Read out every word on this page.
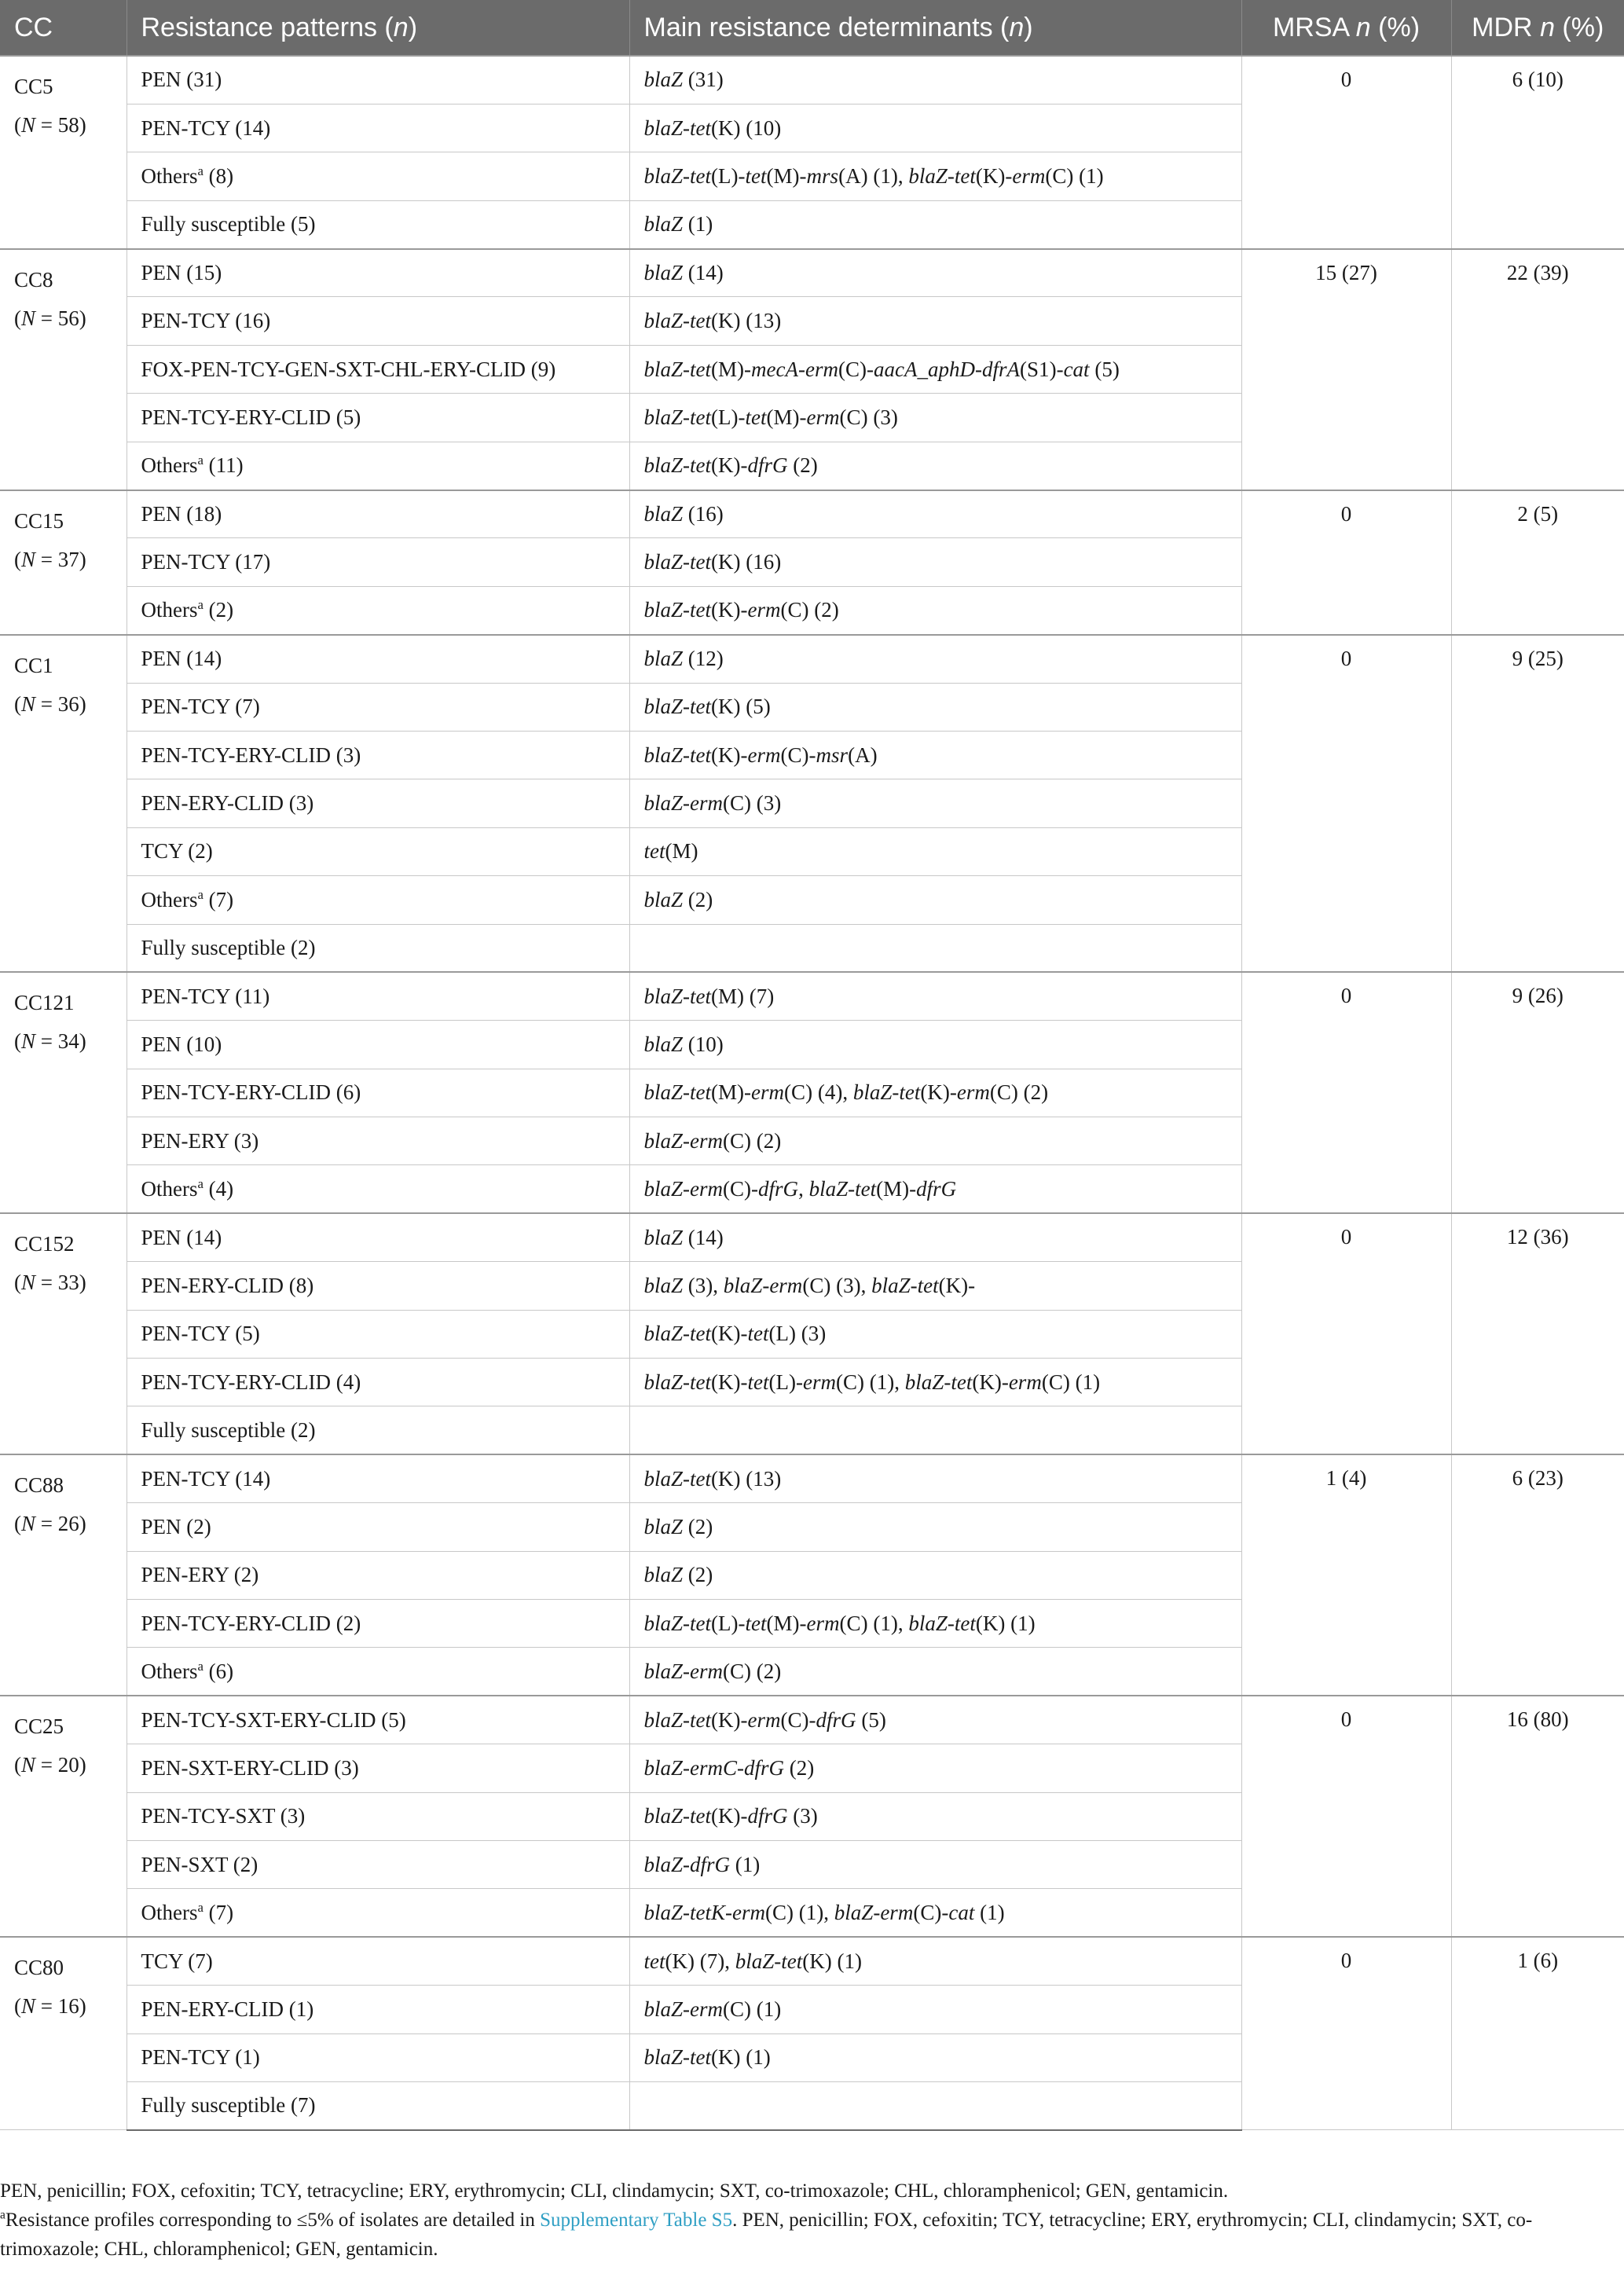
CC	Resistance patterns (n)	Main resistance determinants (n)	MRSA n (%)	MDR n (%)

CC5
(N = 58)	PEN (31)	blaZ (31)	0	6 (10)
	PEN-TCY (14)	blaZ-tet(K) (10)		
	Others$^a$ (8)	blaZ-tet(L)-tet(M)-mrs(A) (1), blaZ-tet(K)-erm(C) (1)		
	Fully susceptible (5)	blaZ (1)		

CC8
(N = 56)	PEN (15)	blaZ (14)	15 (27)	22 (39)
	PEN-TCY (16)	blaZ-tet(K) (13)		
	FOX-PEN-TCY-GEN-SXT-CHL-ERY-CLID (9)	blaZ-tet(M)-mecA-erm(C)-aacA_aphD-dfrA(S1)-cat (5)		
	PEN-TCY-ERY-CLID (5)	blaZ-tet(L)-tet(M)-erm(C) (3)		
	Others$^a$ (11)	blaZ-tet(K)-dfrG (2)		

CC15
(N = 37)	PEN (18)	blaZ (16)	0	2 (5)
	PEN-TCY (17)	blaZ-tet(K) (16)		
	Others$^a$ (2)	blaZ-tet(K)-erm(C) (2)		

CC1
(N = 36)	PEN (14)	blaZ (12)	0	9 (25)
	PEN-TCY (7)	blaZ-tet(K) (5)		
	PEN-TCY-ERY-CLID (3)	blaZ-tet(K)-erm(C)-msr(A)		
	PEN-ERY-CLID (3)	blaZ-erm(C) (3)		
	TCY (2)	tet(M)		
	Others$^a$ (7)	blaZ (2)		
	Fully susceptible (2)			

CC121
(N = 34)	PEN-TCY (11)	blaZ-tet(M) (7)	0	9 (26)
	PEN (10)	blaZ (10)		
	PEN-TCY-ERY-CLID (6)	blaZ-tet(M)-erm(C) (4), blaZ-tet(K)-erm(C) (2)		
	PEN-ERY (3)	blaZ-erm(C) (2)		
	Others$^a$ (4)	blaZ-erm(C)-dfrG, blaZ-tet(M)-dfrG		

CC152
(N = 33)	PEN (14)	blaZ (14)	0	12 (36)
	PEN-ERY-CLID (8)	blaZ (3), blaZ-erm(C) (3), blaZ-tet(K)-		
	PEN-TCY (5)	blaZ-tet(K)-tet(L) (3)		
	PEN-TCY-ERY-CLID (4)	blaZ-tet(K)-tet(L)-erm(C) (1), blaZ-tet(K)-erm(C) (1)		
	Fully susceptible (2)			

CC88
(N = 26)	PEN-TCY (14)	blaZ-tet(K) (13)	1 (4)	6 (23)
	PEN (2)	blaZ (2)		
	PEN-ERY (2)	blaZ (2)		
	PEN-TCY-ERY-CLID (2)	blaZ-tet(L)-tet(M)-erm(C) (1), blaZ-tet(K) (1)		
	Others$^a$ (6)	blaZ-erm(C) (2)		

CC25
(N = 20)	PEN-TCY-SXT-ERY-CLID (5)	blaZ-tet(K)-erm(C)-dfrG (5)	0	16 (80)
	PEN-SXT-ERY-CLID (3)	blaZ-ermC-dfrG (2)		
	PEN-TCY-SXT (3)	blaZ-tet(K)-dfrG (3)		
	PEN-SXT (2)	blaZ-dfrG (1)		
	Others$^a$ (7)	blaZ-tetK-erm(C) (1), blaZ-erm(C)-cat (1)		

CC80
(N = 16)	TCY (7)	tet(K) (7), blaZ-tet(K) (1)	0	1 (6)
	PEN-ERY-CLID (1)	blaZ-erm(C) (1)		
	PEN-TCY (1)	blaZ-tet(K) (1)		
	Fully susceptible (7)			

PEN, penicillin; FOX, cefoxitin; TCY, tetracycline; ERY, erythromycin; CLI, clindamycin; SXT, co-trimoxazole; CHL, chloramphenicol; GEN, gentamicin.

$^a$Resistance profiles corresponding to ≤5% of isolates are detailed in Supplementary Table S5. PEN, penicillin; FOX, cefoxitin; TCY, tetracycline; ERY, erythromycin; CLI, clindamycin; SXT, co-trimoxazole; CHL, chloramphenicol; GEN, gentamicin.
